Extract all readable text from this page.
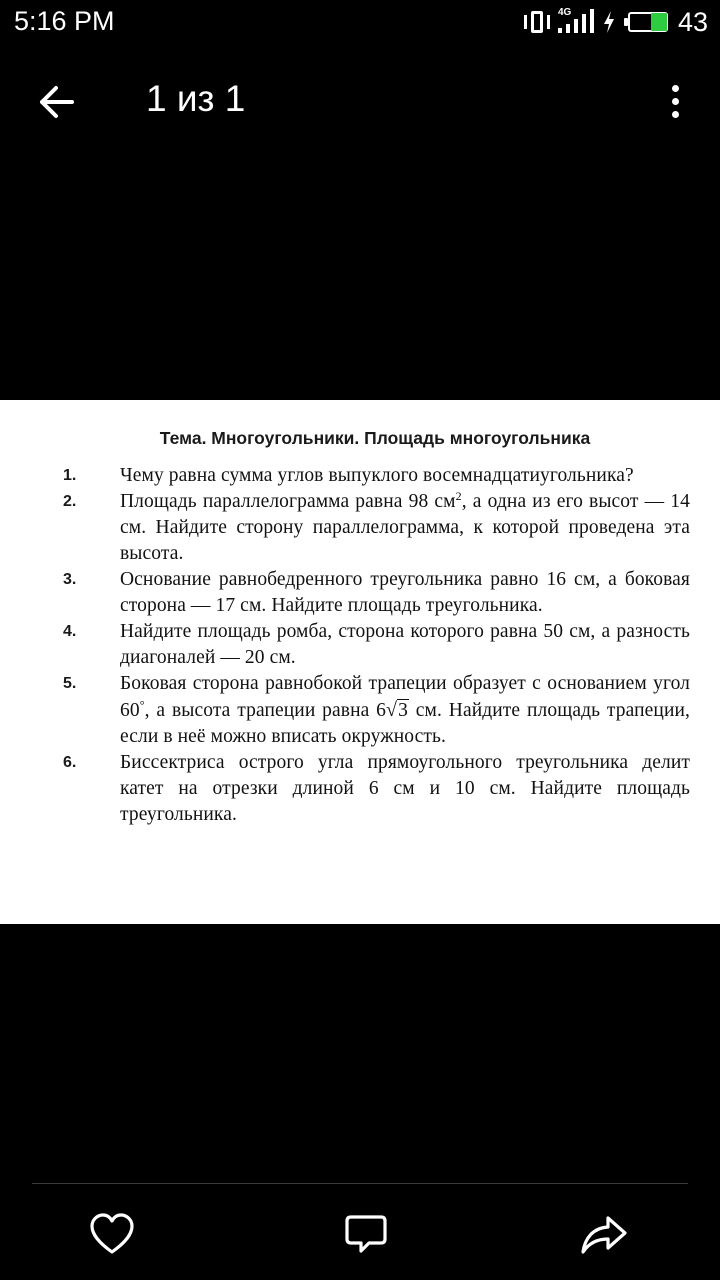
5:16 PM	4G	43
1 из 1
Тема. Многоугольники. Площадь многоугольника
1. Чему равна сумма углов выпуклого восемнадцатиугольника?
2. Площадь параллелограмма равна 98 $см^2$, а одна из его высот — 14 см. Найдите сторону параллелограмма, к которой проведена эта высота.
3. Основание равнобедренного треугольника равно 16 см, а боковая сторона — 17 см. Найдите площадь треугольника.
4. Найдите площадь ромба, сторона которого равна 50 см, а разность диагоналей — 20 см.
5. Боковая сторона равнобокой трапеции образует с основанием угол 60°, а высота трапеции равна 6√3 см. Найдите площадь трапеции, если в неё можно вписать окружность.
6. Биссектриса острого угла прямоугольного треугольника делит катет на отрезки длиной 6 см и 10 см. Найдите площадь треугольника.
